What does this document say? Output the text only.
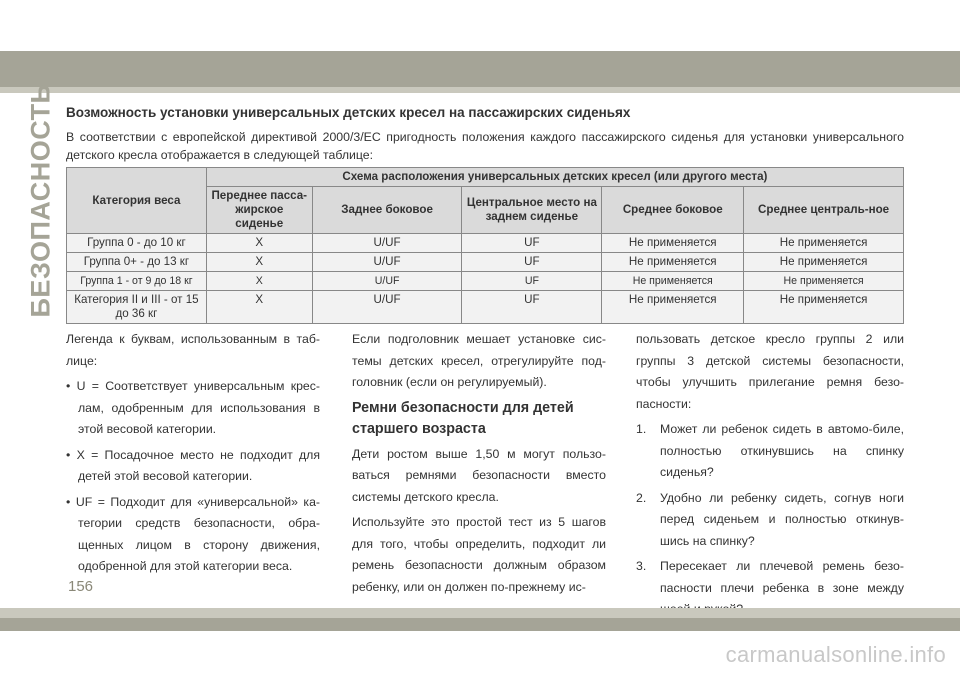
БЕЗОПАСНОСТЬ Возможность установки универсальных детских кресел на пассажирских сиденьях

В соответствии с европейской директивой 2000/3/ЕС пригодность положения каждого пассажирского сиденья для установки универсального детского кресла отображается в следующей таблице:

Категория веса	Схема расположения универсальных детских кресел (или другого места)				
	Переднее пасса-жирское сиденье	Заднее боковое	Центральное место на заднем сиденье	Среднее боковое	Среднее централь-ное
Группа 0 - до 10 кг	X	U/UF	UF	Не применяется	Не применяется
Группа 0+ - до 13 кг	X	U/UF	UF	Не применяется	Не применяется
Группа 1 - от 9 до 18 кг	X	U/UF	UF	Не применяется	Не применяется
Категория II и III - от 15 до 36 кг	X	U/UF	UF	Не применяется	Не применяется

Легенда к буквам, использованным в таб-лице:

• U = Соответствует универсальным крес-лам, одобренным для использования в этой весовой категории.

• X = Посадочное место не подходит для детей этой весовой категории.

• UF = Подходит для «универсальной» ка-тегории средств безопасности, обра-щенных лицом в сторону движения, одобренной для этой категории веса.

Если подголовник мешает установке сис-темы детских кресел, отрегулируйте под-головник (если он регулируемый).

Ремни безопасности для детей старшего возраста

Дети ростом выше 1,50 м могут пользо-ваться ремнями безопасности вместо системы детского кресла.

Используйте это простой тест из 5 шагов для того, чтобы определить, подходит ли ремень безопасности должным образом ребенку, или он должен по-прежнему ис-

пользовать детское кресло группы 2 или группы 3 детской системы безопасности, чтобы улучшить прилегание ремня безо-пасности:

1. Может ли ребенок сидеть в автомо-биле, полностью откинувшись на спинку сиденья?
2. Удобно ли ребенку сидеть, согнув ноги перед сиденьем и полностью откинув-шись на спинку?
3. Пересекает ли плечевой ремень безо-пасности плечи ребенка в зоне между
156
carmanualsonline.info
